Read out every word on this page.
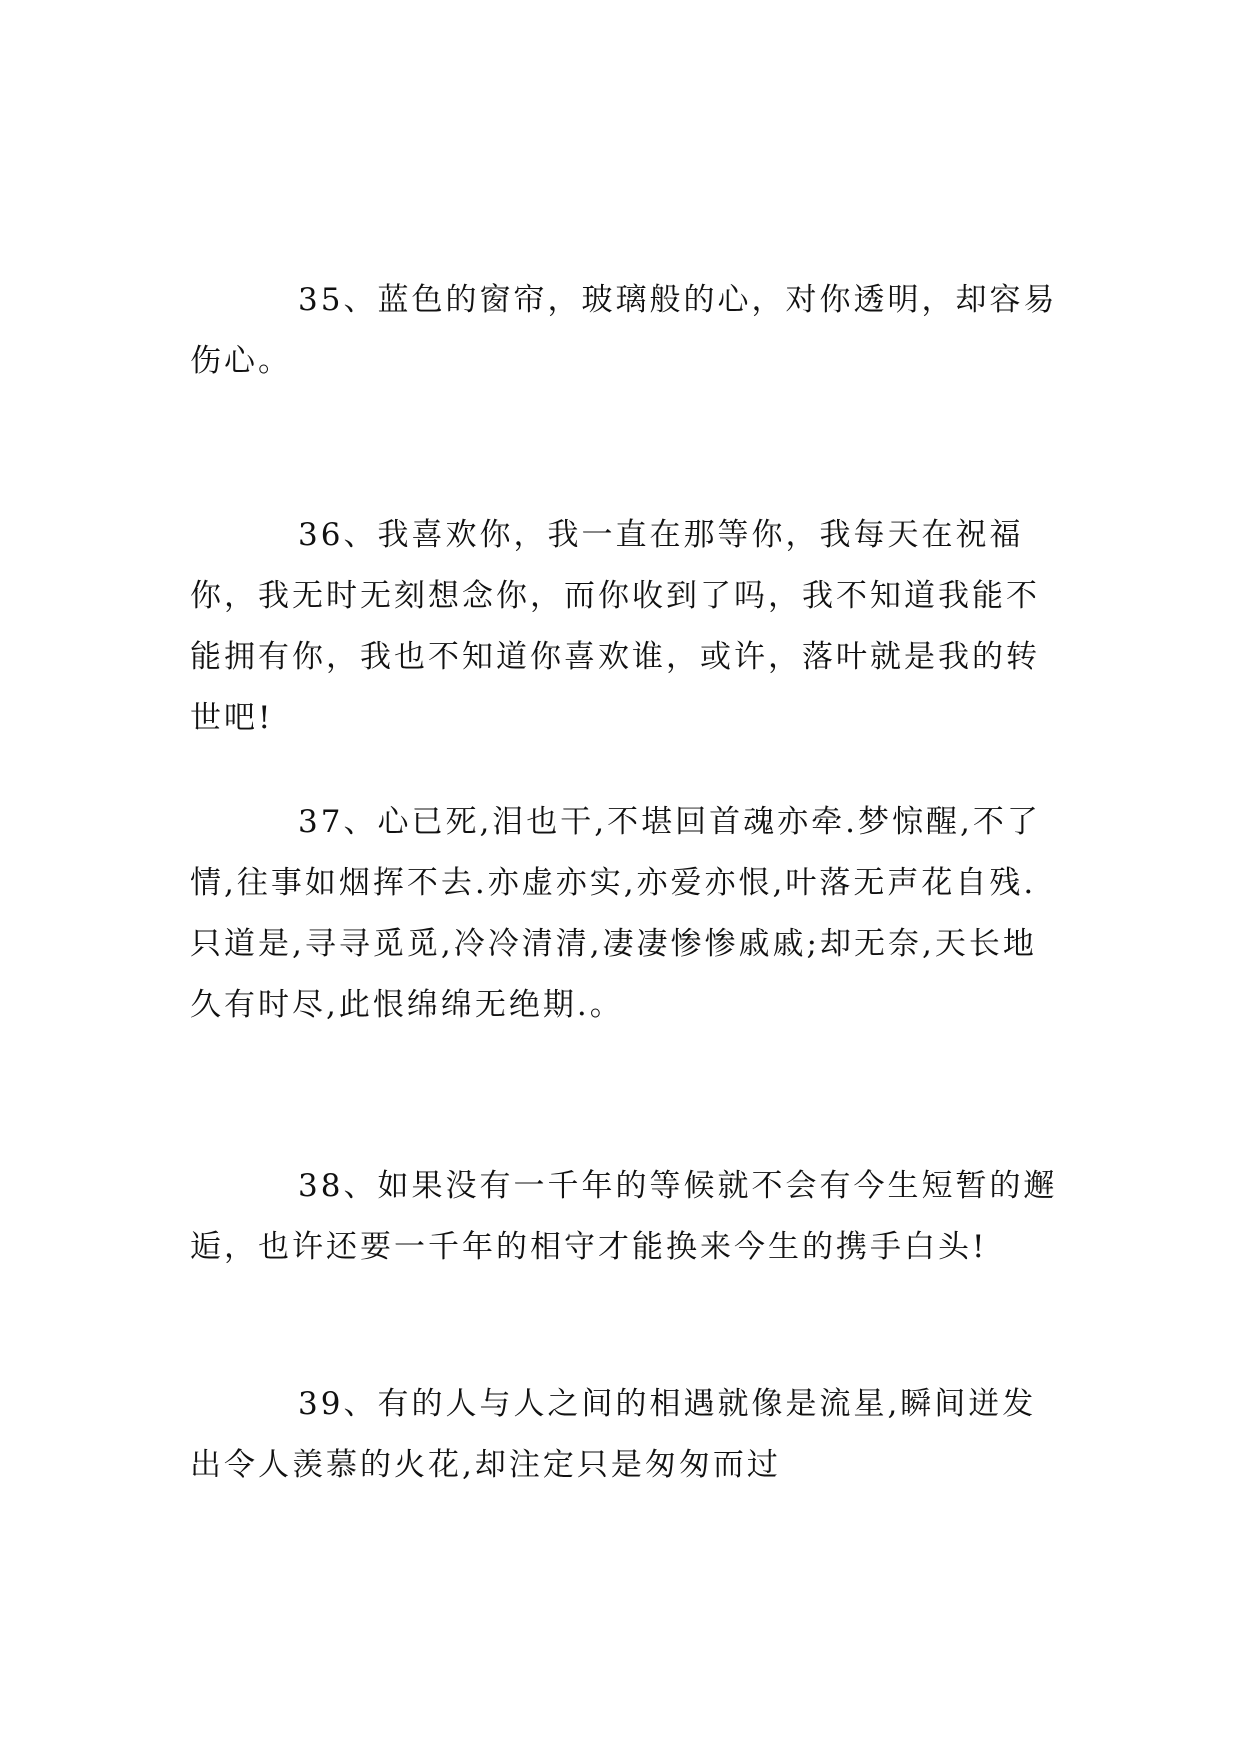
35、蓝色的窗帘，玻璃般的心，对你透明，却容易伤心。

36、我喜欢你，我一直在那等你，我每天在祝福你，我无时无刻想念你，而你收到了吗，我不知道我能不能拥有你，我也不知道你喜欢谁，或许，落叶就是我的转世吧!

37、心已死,泪也干,不堪回首魂亦牵.梦惊醒,不了情,往事如烟挥不去.亦虚亦实,亦爱亦恨,叶落无声花自残.只道是,寻寻觅觅,冷冷清清,凄凄惨惨戚戚;却无奈,天长地久有时尽,此恨绵绵无绝期.。

38、如果没有一千年的等候就不会有今生短暂的邂逅，也许还要一千年的相守才能换来今生的携手白头!

39、有的人与人之间的相遇就像是流星,瞬间迸发出令人羡慕的火花,却注定只是匆匆而过
